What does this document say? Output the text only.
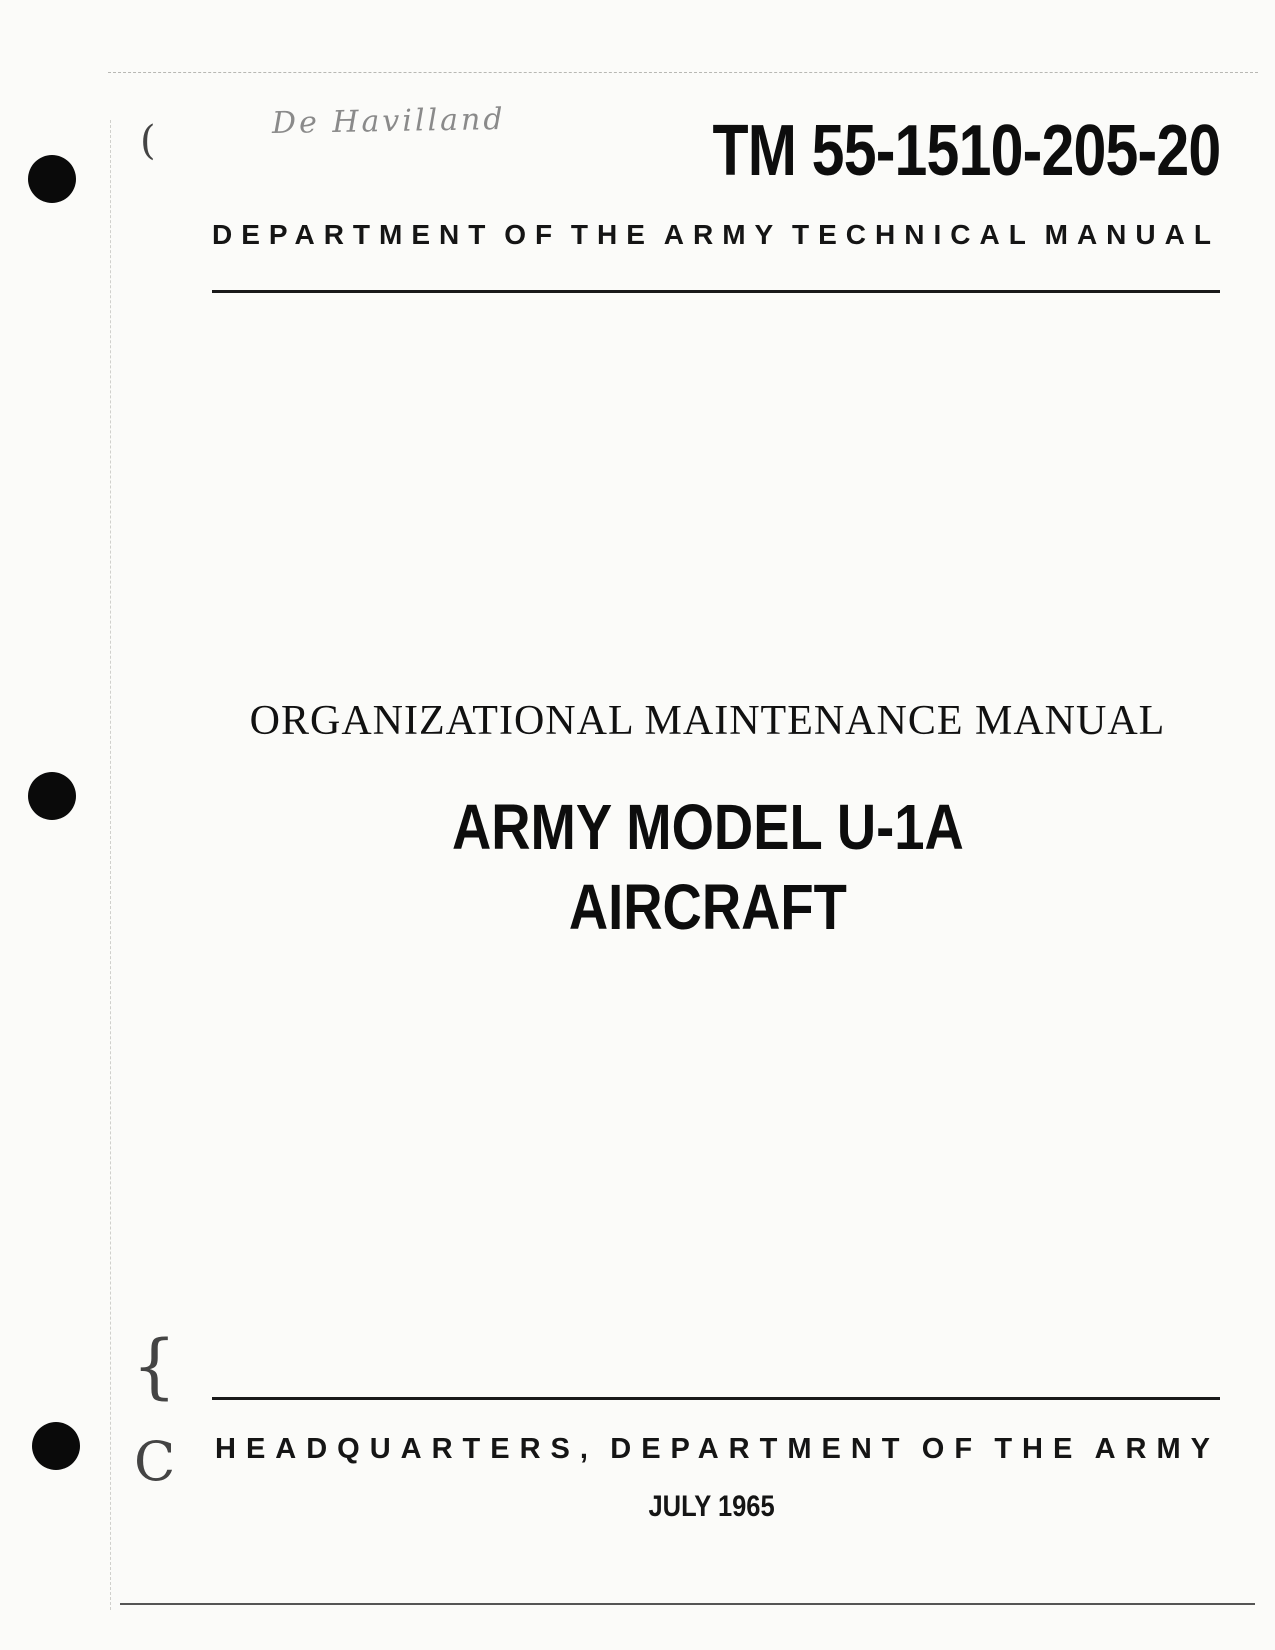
(
{
C
De Havilland	TM 55-1510-205-20
DEPARTMENT OF THE ARMY TECHNICAL MANUAL
ORGANIZATIONAL MAINTENANCE MANUAL
ARMY MODEL U-1A
AIRCRAFT
HEADQUARTERS, DEPARTMENT OF THE ARMY
JULY 1965
